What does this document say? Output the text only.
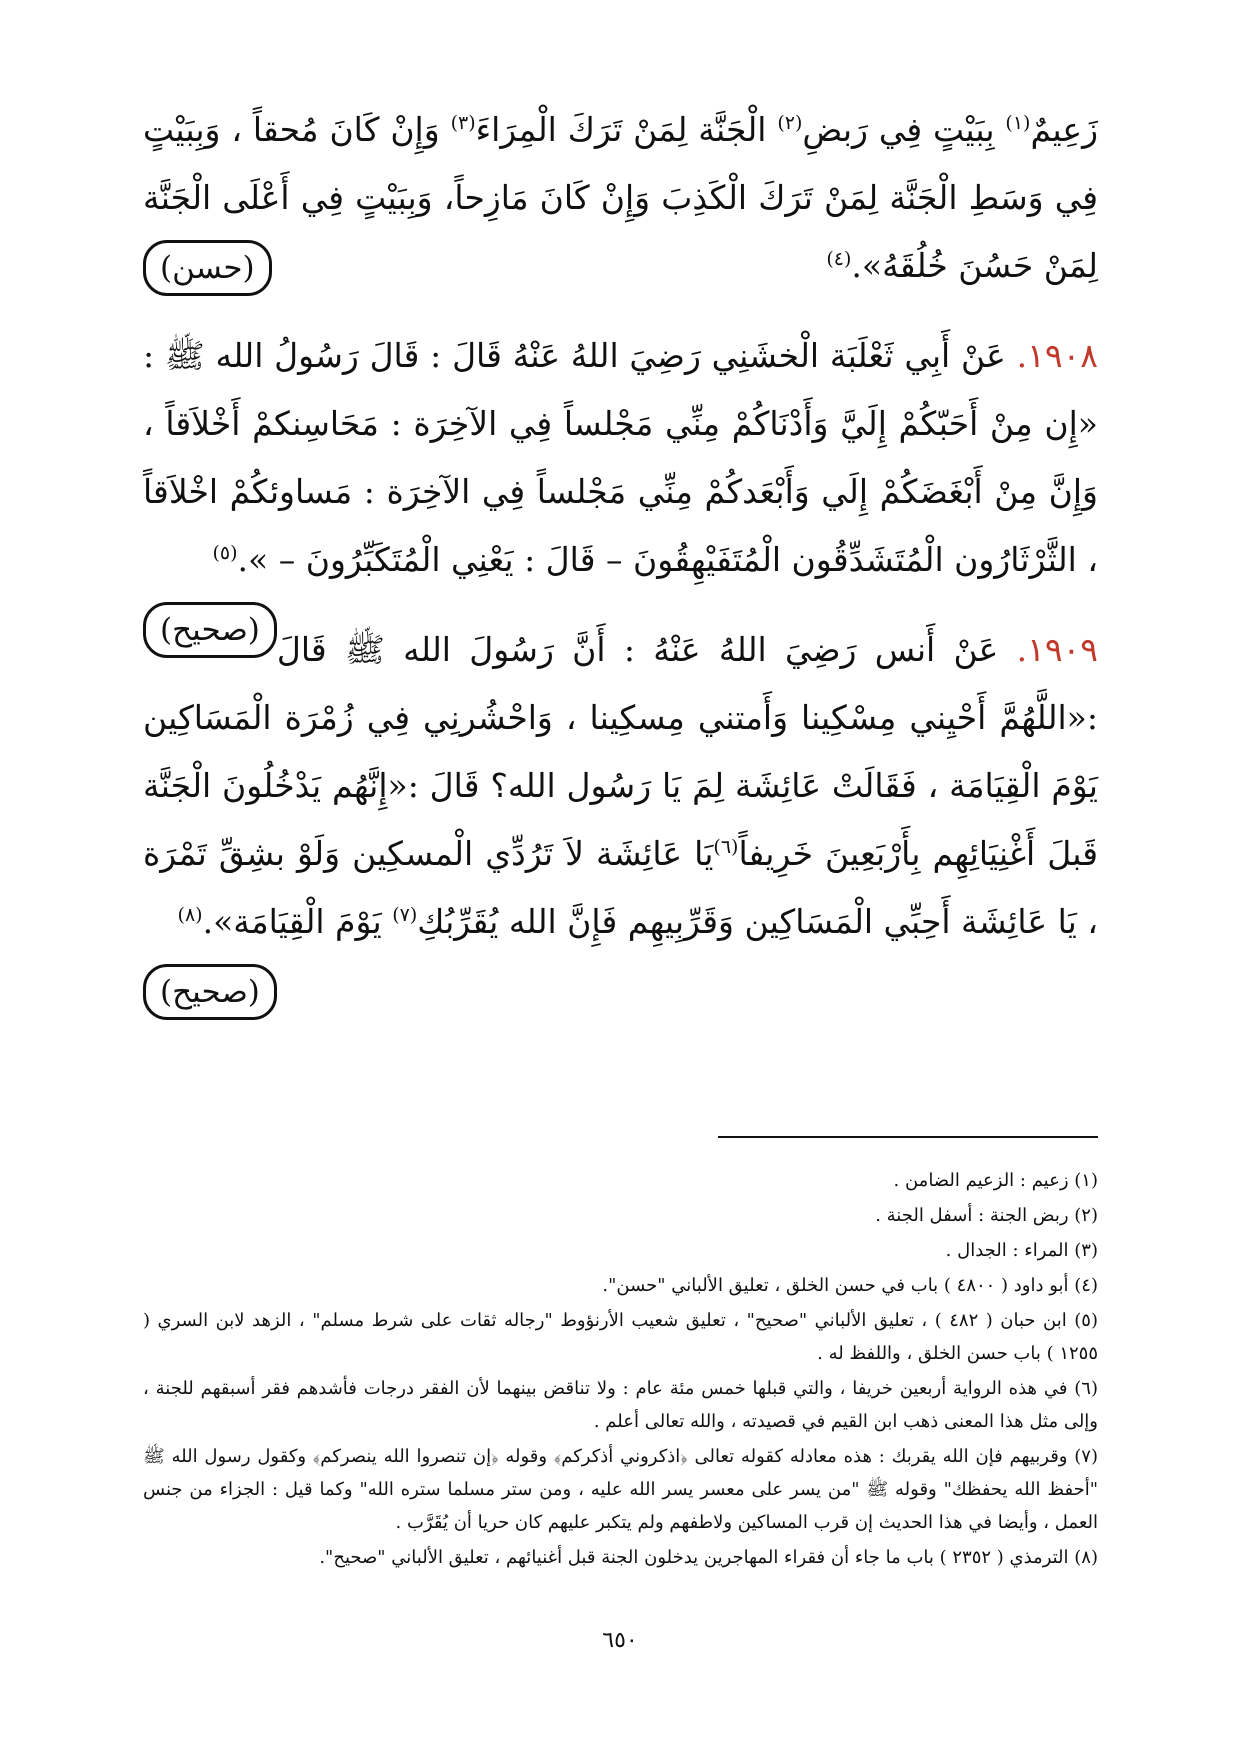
زَعِيمٌ$^{(١)}$ بِبَيْتٍ فِي رَبضِ$^{(٢)}$ الْجَنَّة لِمَنْ تَرَكَ الْمِرَاءَ$^{(٣)}$ وَإِنْ كَانَ مُحقاً ، وَبِبَيْتٍ فِي وَسَطِ الْجَنَّة لِمَنْ تَرَكَ الْكَذِبَ وَإِنْ كَانَ مَازِحاً، وَبِبَيْتٍ فِي أَعْلَى الْجَنَّة لِمَنْ حَسُنَ خُلُقَهُ».$^{(٤)}$
(حسن)

١٩٠٨. عَنْ أَبِي ثَعْلَبَة الْخشَنِي رَضِيَ اللهُ عَنْهُ قَالَ : قَالَ رَسُولُ الله ﷺ : «إِن مِنْ أَحَبّكُمْ إِلَيَّ وَأَدْنَاكُمْ مِنِّي مَجْلساً فِي الآخِرَة : مَحَاسِنكمْ أَخْلاَقاً ، وَإِنَّ مِنْ أَبْغَضَكُمْ إِلَي وَأَبْعَدكُمْ مِنِّي مَجْلساً فِي الآخِرَة : مَساوئكُمْ اخْلاَقاً ، الثَّرْثَارُون الْمُتَشَدِّقُون الْمُتَفَيْهِقُونَ – قَالَ : يَعْنِي الْمُتَكَبِّرُونَ – ».$^{(٥)}$
(صحيح)	١٩٠٩. عَنْ أَنس رَضِيَ اللهُ عَنْهُ : أَنَّ رَسُولَ الله ﷺ قَالَ :«اللَّهُمَّ أَحْيِني مِسْكِينا وَأَمتني مِسكِينا ، وَاحْشُرنِي فِي زُمْرَة الْمَسَاكِين يَوْمَ الْقِيَامَة ، فَقَالَتْ عَائِشَة لِمَ يَا رَسُول الله؟ قَالَ :«إِنَّهُم يَدْخُلُونَ الْجَنَّة قَبلَ أَغْنِيَائِهِم بِأَرْبَعِينَ خَرِيفاً$^{(٦)}$يَا عَائِشَة لاَ تَرُدِّي الْمسكِين وَلَوْ بشِقِّ تَمْرَة ، يَا عَائِشَة أَحِبِّي الْمَسَاكِين وَقَرِّبِيهِم فَإِنَّ الله يُقَرِّبُكِ$^{(٧)}$ يَوْمَ الْقِيَامَة».$^{(٨)}$
(صحيح)

(١) زعيم : الزعيم الضامن .

(٢) ربض الجنة : أسفل الجنة .

(٣) المراء : الجدال .

(٤) أبو داود ( ٤٨٠٠ ) باب في حسن الخلق ، تعليق الألباني "حسن".

(٥) ابن حبان ( ٤٨٢ ) ، تعليق الألباني "صحيح" ، تعليق شعيب الأرنؤوط "رجاله ثقات على شرط مسلم" ، الزهد لابن السري ( ١٢٥٥ ) باب حسن الخلق ، واللفظ له .

(٦) في هذه الرواية أربعين خريفا ، والتي قبلها خمس مئة عام : ولا تناقض بينهما لأن الفقر درجات فأشدهم فقر أسبقهم للجنة ، وإلى مثل هذا المعنى ذهب ابن القيم في قصيدته ، والله تعالى أعلم .

(٧) وقربيهم فإن الله يقربك : هذه معادله كقوله تعالى ﴿اذكروني أذكركم﴾ وقوله ﴿إن تنصروا الله ينصركم﴾ وكقول رسول الله ﷺ "أحفظ الله يحفظك" وقوله ﷺ "من يسر على معسر يسر الله عليه ، ومن ستر مسلما ستره الله" وكما قيل : الجزاء من جنس العمل ، وأيضا في هذا الحديث إن قرب المساكين ولاطفهم ولم يتكبر عليهم كان حريا أن يُقَرَّب .

(٨) الترمذي ( ٢٣٥٢ ) باب ما جاء أن فقراء المهاجرين يدخلون الجنة قبل أغنيائهم ، تعليق الألباني "صحيح".

٦٥٠
